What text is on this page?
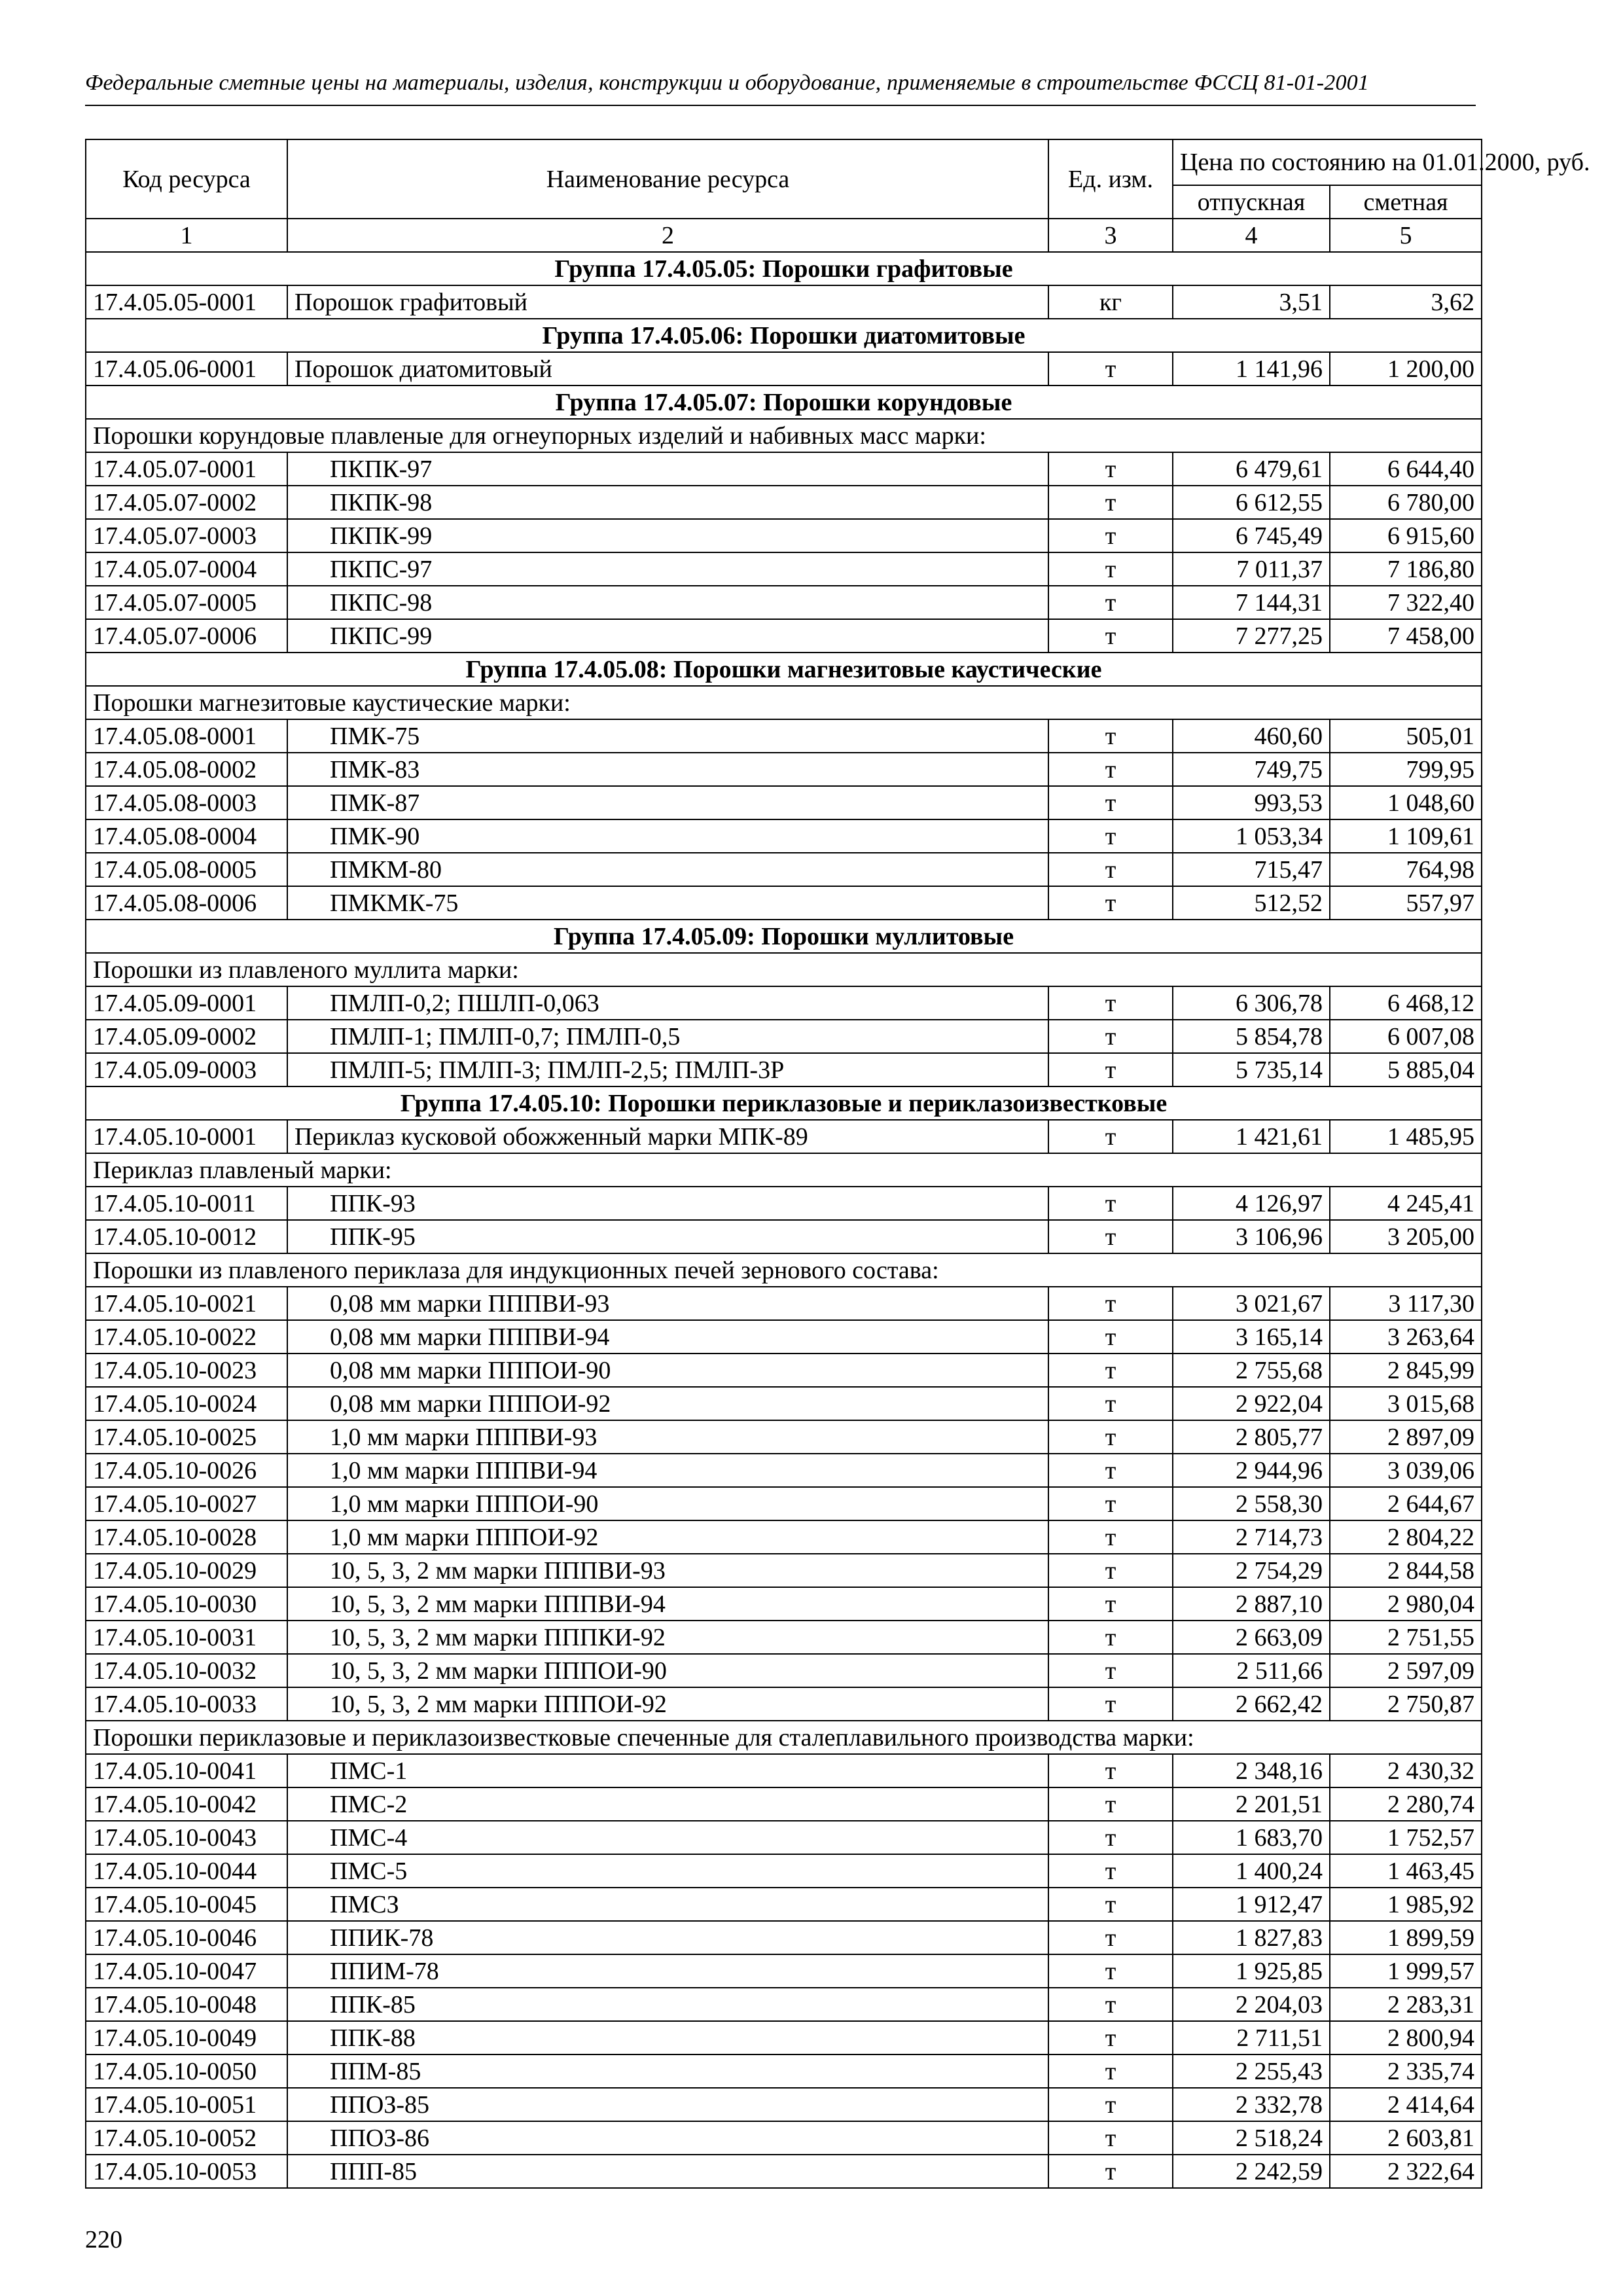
Федеральные сметные цены на материалы, изделия, конструкции и оборудование, применяемые в строительстве ФССЦ 81-01-2001
Код ресурса	Наименование ресурса	Ед. изм.	Цена по состоянию на 01.01.2000, руб.	
			отпускная	сметная
1	2	3	4	5
Группа 17.4.05.05: Порошки графитовые				
17.4.05.05-0001	Порошок графитовый	кг	3,51	3,62
Группа 17.4.05.06: Порошки диатомитовые				
17.4.05.06-0001	Порошок диатомитовый	т	1 141,96	1 200,00
Группа 17.4.05.07: Порошки корундовые				
Порошки корундовые плавленые для огнеупорных изделий и набивных масс марки:				
17.4.05.07-0001	ПКПК-97	т	6 479,61	6 644,40
17.4.05.07-0002	ПКПК-98	т	6 612,55	6 780,00
17.4.05.07-0003	ПКПК-99	т	6 745,49	6 915,60
17.4.05.07-0004	ПКПС-97	т	7 011,37	7 186,80
17.4.05.07-0005	ПКПС-98	т	7 144,31	7 322,40
17.4.05.07-0006	ПКПС-99	т	7 277,25	7 458,00
Группа 17.4.05.08: Порошки магнезитовые каустические				
Порошки магнезитовые каустические марки:				
17.4.05.08-0001	ПМК-75	т	460,60	505,01
17.4.05.08-0002	ПМК-83	т	749,75	799,95
17.4.05.08-0003	ПМК-87	т	993,53	1 048,60
17.4.05.08-0004	ПМК-90	т	1 053,34	1 109,61
17.4.05.08-0005	ПМКМ-80	т	715,47	764,98
17.4.05.08-0006	ПМКМК-75	т	512,52	557,97
Группа 17.4.05.09: Порошки муллитовые				
Порошки из плавленого муллита марки:				
17.4.05.09-0001	ПМЛП-0,2; ПШЛП-0,063	т	6 306,78	6 468,12
17.4.05.09-0002	ПМЛП-1; ПМЛП-0,7; ПМЛП-0,5	т	5 854,78	6 007,08
17.4.05.09-0003	ПМЛП-5; ПМЛП-3; ПМЛП-2,5; ПМЛП-3Р	т	5 735,14	5 885,04
Группа 17.4.05.10: Порошки периклазовые и периклазоизвестковые				
17.4.05.10-0001	Периклаз кусковой обожженный марки МПК-89	т	1 421,61	1 485,95
Периклаз плавленый марки:				
17.4.05.10-0011	ППК-93	т	4 126,97	4 245,41
17.4.05.10-0012	ППК-95	т	3 106,96	3 205,00
Порошки из плавленого периклаза для индукционных печей зернового состава:				
17.4.05.10-0021	0,08 мм марки ПППВИ-93	т	3 021,67	3 117,30
17.4.05.10-0022	0,08 мм марки ПППВИ-94	т	3 165,14	3 263,64
17.4.05.10-0023	0,08 мм марки ПППОИ-90	т	2 755,68	2 845,99
17.4.05.10-0024	0,08 мм марки ПППОИ-92	т	2 922,04	3 015,68
17.4.05.10-0025	1,0 мм марки ПППВИ-93	т	2 805,77	2 897,09
17.4.05.10-0026	1,0 мм марки ПППВИ-94	т	2 944,96	3 039,06
17.4.05.10-0027	1,0 мм марки ПППОИ-90	т	2 558,30	2 644,67
17.4.05.10-0028	1,0 мм марки ПППОИ-92	т	2 714,73	2 804,22
17.4.05.10-0029	10, 5, 3, 2 мм марки ПППВИ-93	т	2 754,29	2 844,58
17.4.05.10-0030	10, 5, 3, 2 мм марки ПППВИ-94	т	2 887,10	2 980,04
17.4.05.10-0031	10, 5, 3, 2 мм марки ПППКИ-92	т	2 663,09	2 751,55
17.4.05.10-0032	10, 5, 3, 2 мм марки ПППОИ-90	т	2 511,66	2 597,09
17.4.05.10-0033	10, 5, 3, 2 мм марки ПППОИ-92	т	2 662,42	2 750,87
Порошки периклазовые и периклазоизвестковые спеченные для сталеплавильного производства марки:				
17.4.05.10-0041	ПМС-1	т	2 348,16	2 430,32
17.4.05.10-0042	ПМС-2	т	2 201,51	2 280,74
17.4.05.10-0043	ПМС-4	т	1 683,70	1 752,57
17.4.05.10-0044	ПМС-5	т	1 400,24	1 463,45
17.4.05.10-0045	ПМСЗ	т	1 912,47	1 985,92
17.4.05.10-0046	ППИК-78	т	1 827,83	1 899,59
17.4.05.10-0047	ППИМ-78	т	1 925,85	1 999,57
17.4.05.10-0048	ППК-85	т	2 204,03	2 283,31
17.4.05.10-0049	ППК-88	т	2 711,51	2 800,94
17.4.05.10-0050	ППМ-85	т	2 255,43	2 335,74
17.4.05.10-0051	ППОЗ-85	т	2 332,78	2 414,64
17.4.05.10-0052	ППОЗ-86	т	2 518,24	2 603,81
17.4.05.10-0053	ППП-85	т	2 242,59	2 322,64
220
